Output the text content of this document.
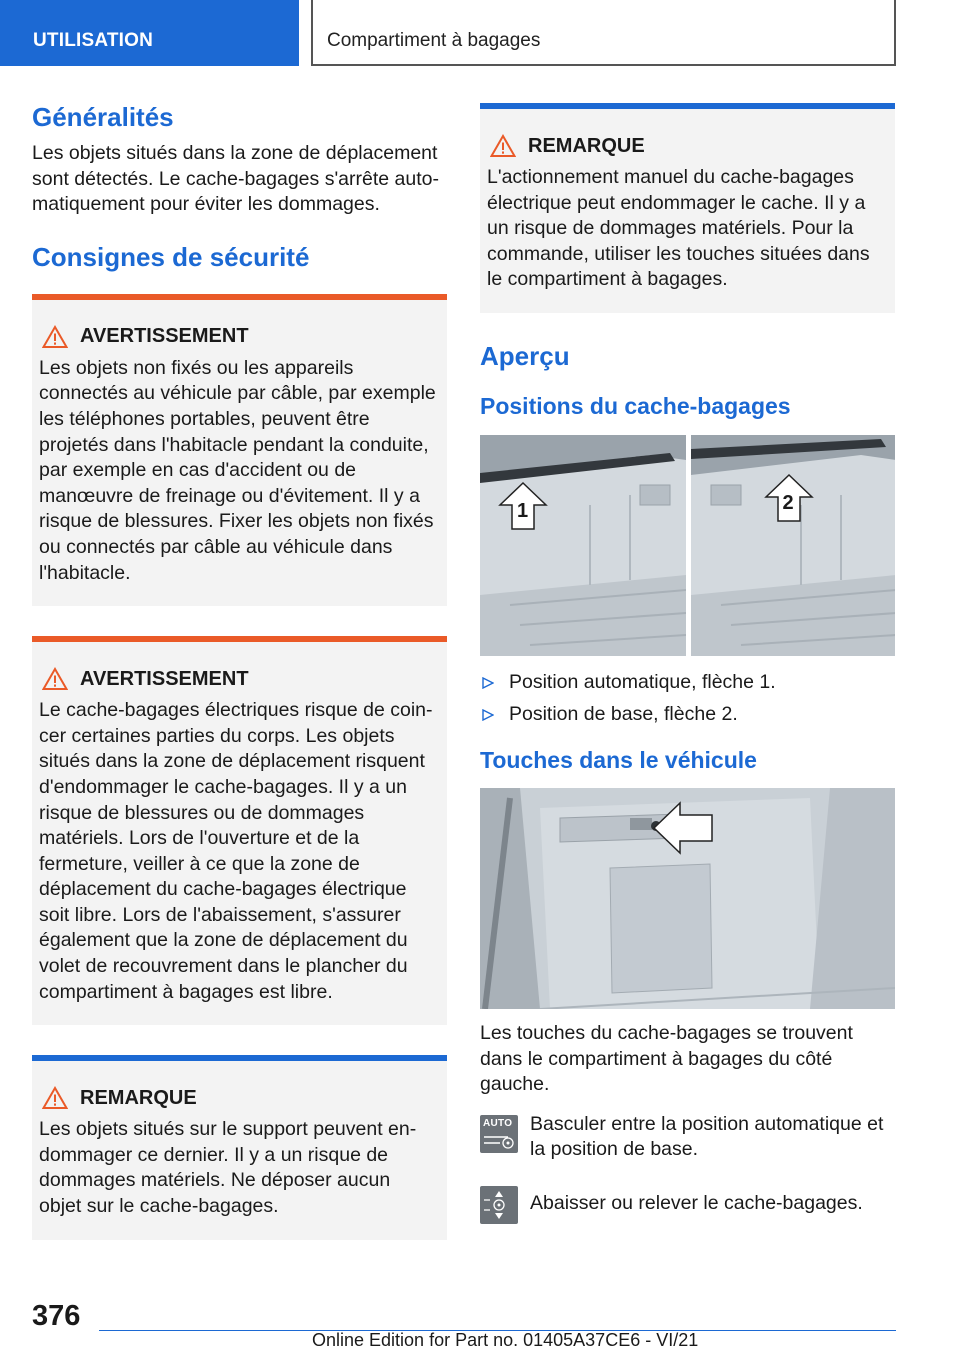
UTILISATION	Compartiment à bagages
Généralités

Les objets situés dans la zone de déplacement sont détectés. Le cache-bagages s'arrête automatiquement pour éviter les dommages.

Consignes de sécurité
AVERTISSEMENT

Les objets non fixés ou les appareils connectés au véhicule par câble, par exemple les téléphones portables, peuvent être projetés dans l'habitacle pendant la conduite, par exemple en cas d'accident ou de manœuvre de freinage ou d'évitement. Il y a risque de blessures. Fixer les objets non fixés ou connectés par câble au véhicule dans l'habitacle.

AVERTISSEMENT

Le cache-bagages électriques risque de coincer certaines parties du corps. Les objets situés dans la zone de déplacement risquent d'endommager le cache-bagages. Il y a un risque de blessures ou de dommages matériels. Lors de l'ouverture et de la fermeture, veiller à ce que la zone de déplacement du cache-bagages électrique soit libre. Lors de l'abaissement, s'assurer également que la zone de déplacement du volet de recouvrement dans le plancher du compartiment à bagages est libre.

REMARQUE

Les objets situés sur le support peuvent endommager ce dernier. Il y a un risque de dommages matériels. Ne déposer aucun objet sur le cache-bagages.

REMARQUE

L'actionnement manuel du cache-bagages électrique peut endommager le cache. Il y a un risque de dommages matériels. Pour la commande, utiliser les touches situées dans le compartiment à bagages.

Aperçu
Positions du cache-bagages
1	2
Position automatique, flèche 1.
Position de base, flèche 2.
Touches dans le véhicule

Les touches du cache-bagages se trouvent dans le compartiment à bagages du côté gauche.

AUTO Basculer entre la position automatique et la position de base.

Abaisser ou relever le cache-bagages.

376
Online Edition for Part no. 01405A37CE6 - VI/21
